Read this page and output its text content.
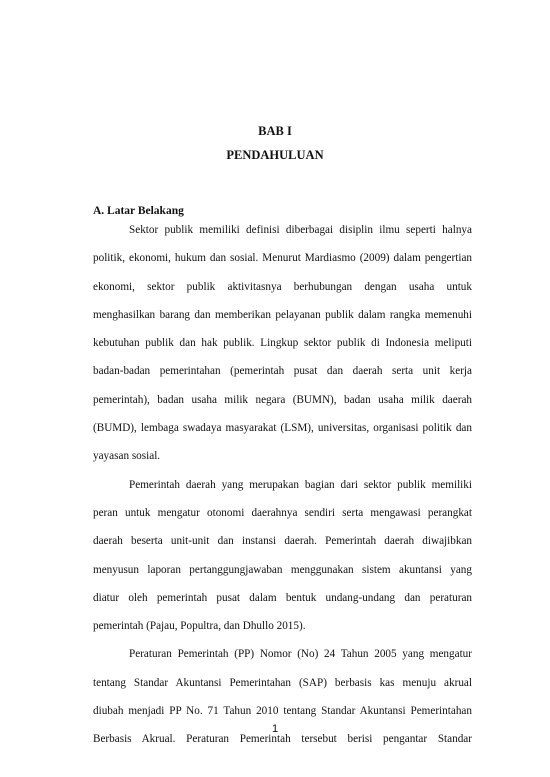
BAB I
PENDAHULUAN
A. Latar Belakang

Sektor publik memiliki definisi diberbagai disiplin ilmu seperti halnya
politik, ekonomi, hukum dan sosial. Menurut Mardiasmo (2009) dalam pengertian
ekonomi, sektor publik aktivitasnya berhubungan dengan usaha untuk
menghasilkan barang dan memberikan pelayanan publik dalam rangka memenuhi
kebutuhan publik dan hak publik. Lingkup sektor publik di Indonesia meliputi
badan-badan pemerintahan (pemerintah pusat dan daerah serta unit kerja
pemerintah), badan usaha milik negara (BUMN), badan usaha milik daerah
(BUMD), lembaga swadaya masyarakat (LSM), universitas, organisasi politik dan
yayasan sosial.

Pemerintah daerah yang merupakan bagian dari sektor publik memiliki
peran untuk mengatur otonomi daerahnya sendiri serta mengawasi perangkat
daerah beserta unit-unit dan instansi daerah. Pemerintah daerah diwajibkan
menyusun laporan pertanggungjawaban menggunakan sistem akuntansi yang
diatur oleh pemerintah pusat dalam bentuk undang-undang dan peraturan
pemerintah (Pajau, Popultra, dan Dhullo 2015).

Peraturan Pemerintah (PP) Nomor (No) 24 Tahun 2005 yang mengatur
tentang Standar Akuntansi Pemerintahan (SAP) berbasis kas menuju akrual
diubah menjadi PP No. 71 Tahun 2010 tentang Standar Akuntansi Pemerintahan
Berbasis Akrual. Peraturan Pemerintah tersebut berisi pengantar Standar

1
